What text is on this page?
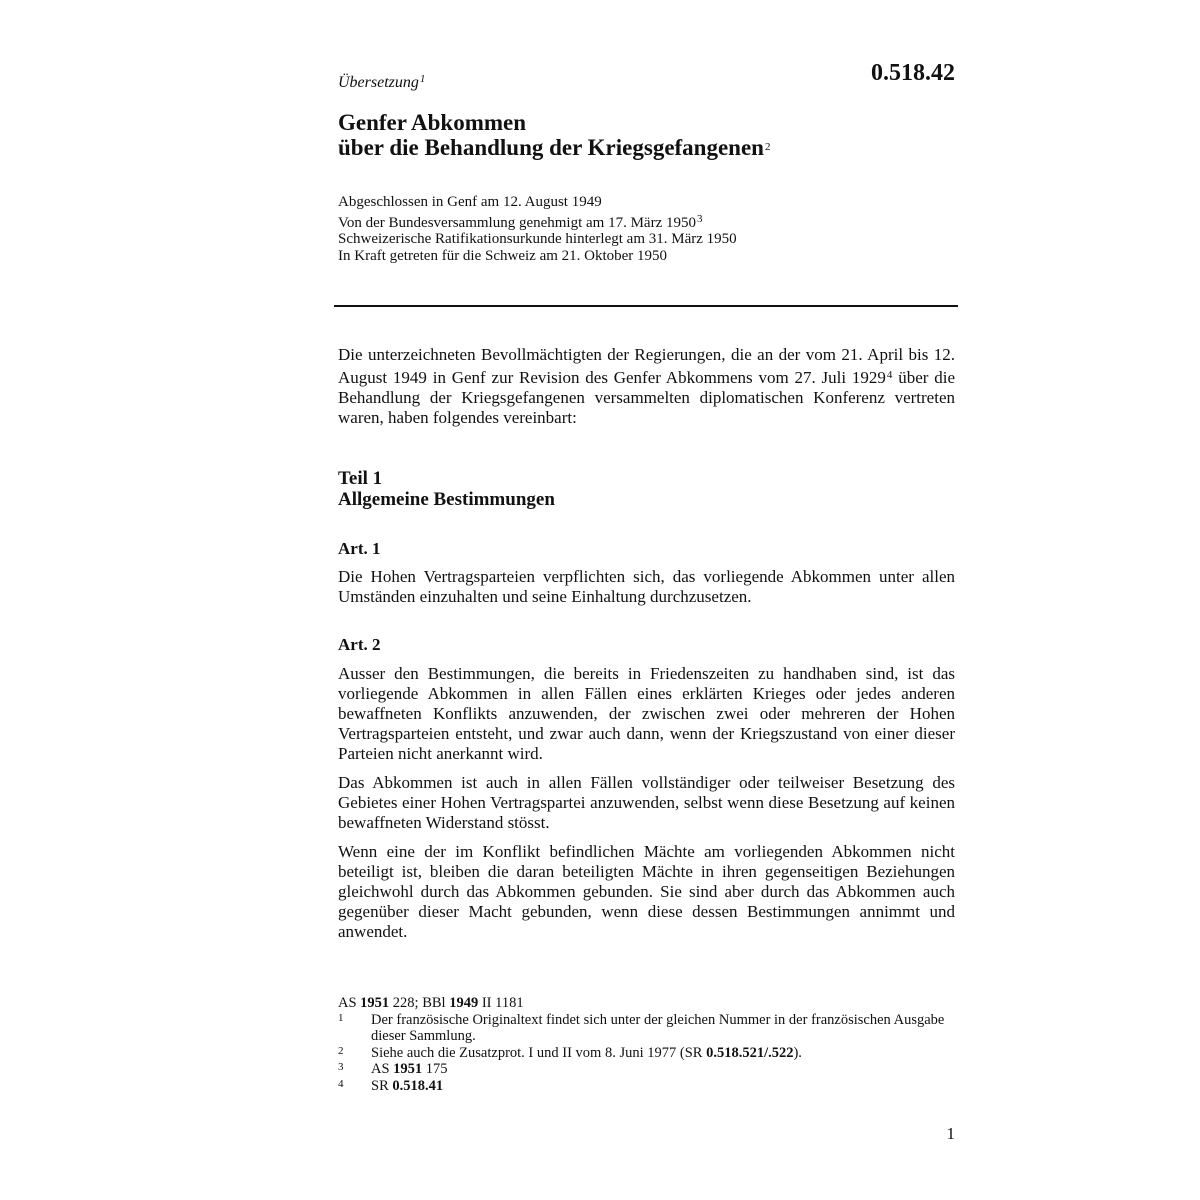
0.518.42
Übersetzung$^1$
Genfer Abkommen
über die Behandlung der Kriegsgefangenen$^2$
Abgeschlossen in Genf am 12. August 1949
Von der Bundesversammlung genehmigt am 17. März 1950$^3$
Schweizerische Ratifikationsurkunde hinterlegt am 31. März 1950
In Kraft getreten für die Schweiz am 21. Oktober 1950

Die unterzeichneten Bevollmächtigten der Regierungen, die an der vom 21. April bis 12. August 1949 in Genf zur Revision des Genfer Abkommens vom 27. Juli 1929$^4$ über die Behandlung der Kriegsgefangenen versammelten diplomatischen Konferenz vertreten waren, haben folgendes vereinbart:

Teil 1
Allgemeine Bestimmungen
Art. 1

Die Hohen Vertragsparteien verpflichten sich, das vorliegende Abkommen unter allen Umständen einzuhalten und seine Einhaltung durchzusetzen.

Art. 2

Ausser den Bestimmungen, die bereits in Friedenszeiten zu handhaben sind, ist das vorliegende Abkommen in allen Fällen eines erklärten Krieges oder jedes anderen bewaffneten Konflikts anzuwenden, der zwischen zwei oder mehreren der Hohen Vertragsparteien entsteht, und zwar auch dann, wenn der Kriegszustand von einer dieser Parteien nicht anerkannt wird.

Das Abkommen ist auch in allen Fällen vollständiger oder teilweiser Besetzung des Gebietes einer Hohen Vertragspartei anzuwenden, selbst wenn diese Besetzung auf keinen bewaffneten Widerstand stösst.

Wenn eine der im Konflikt befindlichen Mächte am vorliegenden Abkommen nicht beteiligt ist, bleiben die daran beteiligten Mächte in ihren gegenseitigen Beziehungen gleichwohl durch das Abkommen gebunden. Sie sind aber durch das Abkommen auch gegenüber dieser Macht gebunden, wenn diese dessen Bestimmungen annimmt und anwendet.

AS 1951 228; BBl 1949 II 1181
1	Der französische Originaltext findet sich unter der gleichen Nummer in der französischen Ausgabe dieser Sammlung.
2	Siehe auch die Zusatzprot. I und II vom 8. Juni 1977 (SR 0.518.521/.522).
3	AS 1951 175
4	SR 0.518.41
1
